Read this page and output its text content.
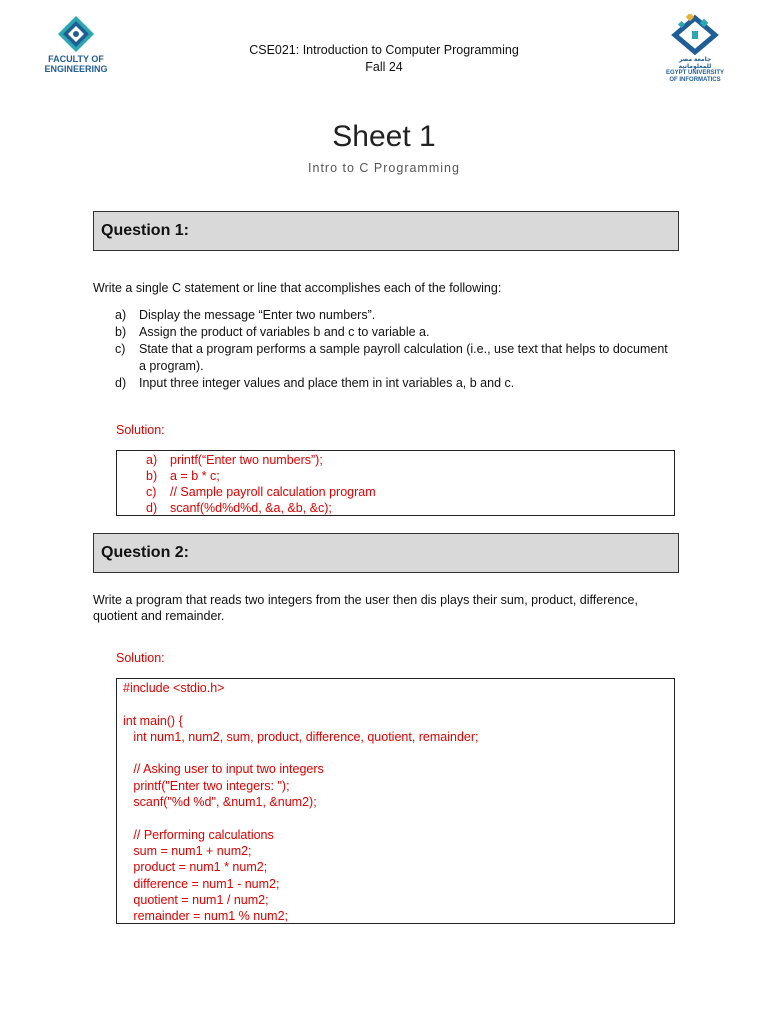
FACULTY OF
ENGINEERING
CSE021: Introduction to Computer Programming
Fall 24	جامعة مصر للمعلوماتية
EGYPT UNIVERSITY
OF INFORMATICS
Sheet 1
Intro to C Programming
Question 1:
Write a single C statement or line that accomplishes each of the following:
a)	Display the message “Enter two numbers”.
b)	Assign the product of variables b and c to variable a.
c)	State that a program performs a sample payroll calculation (i.e., use text that helps to document a program).
d)	Input three integer values and place them in int variables a, b and c.
Solution:
a)	printf(“Enter two numbers”);
b)	a = b * c;
c)	// Sample payroll calculation program
d)	scanf(%d%d%d, &a, &b, &c);
Question 2:
Write a program that reads two integers from the user then dis plays their sum, product, difference, quotient and remainder.
Solution:
#include <stdio.h>
int main() {
int num1, num2, sum, product, difference, quotient, remainder;
// Asking user to input two integers
printf("Enter two integers: ");
scanf("%d %d", &num1, &num2);
// Performing calculations
sum = num1 + num2;
product = num1 * num2;
difference = num1 - num2;
quotient = num1 / num2;
remainder = num1 % num2;
